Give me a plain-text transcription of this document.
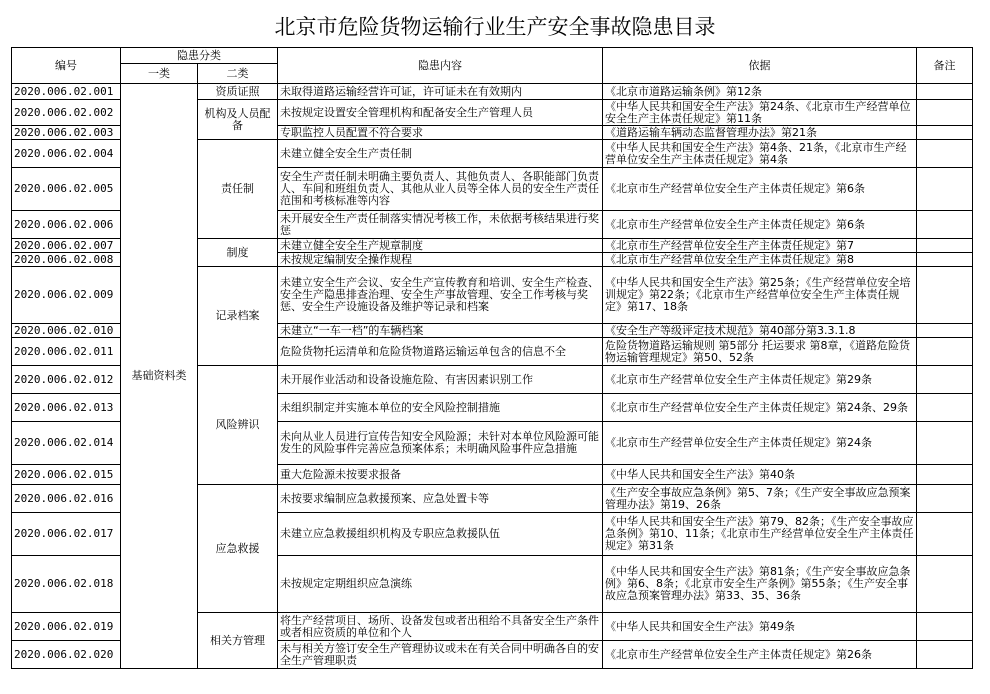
北京市危险货物运输行业生产安全事故隐患目录
编号	隐患分类		隐患内容	依据	备注
	一类	二类			
2020.006.02.001	基础资料类	资质证照	未取得道路运输经营许可证，许可证未在有效期内	《北京市道路运输条例》第12条	
2020.006.02.002		机构及人员配备	未按规定设置安全管理机构和配备安全生产管理人员	《中华人民共和国安全生产法》第24条、《北京市生产经营单位安全生产主体责任规定》第11条	
2020.006.02.003			专职监控人员配置不符合要求	《道路运输车辆动态监督管理办法》第21条	
2020.006.02.004		责任制	未建立健全安全生产责任制	《中华人民共和国安全生产法》第4条、21条，《北京市生产经营单位安全生产主体责任规定》第4条	
2020.006.02.005			安全生产责任制未明确主要负责人、其他负责人、各职能部门负责人、车间和班组负责人、其他从业人员等全体人员的安全生产责任范围和考核标准等内容	《北京市生产经营单位安全生产主体责任规定》第6条	
2020.006.02.006			未开展安全生产责任制落实情况考核工作，未依据考核结果进行奖惩	《北京市生产经营单位安全生产主体责任规定》第6条	
2020.006.02.007		制度	未建立健全安全生产规章制度	《北京市生产经营单位安全生产主体责任规定》第7	
2020.006.02.008			未按规定编制安全操作规程	《北京市生产经营单位安全生产主体责任规定》第8	
2020.006.02.009		记录档案	未建立安全生产会议、安全生产宣传教育和培训、安全生产检查、安全生产隐患排查治理、安全生产事故管理、安全工作考核与奖惩、安全生产设施设备及维护等记录和档案	《中华人民共和国安全生产法》第25条；《生产经营单位安全培训规定》第22条；《北京市生产经营单位安全生产主体责任规定》第17、18条	
2020.006.02.010			未建立“一车一档”的车辆档案	《安全生产等级评定技术规范》第40部分第3.3.1.8	
2020.006.02.011			危险货物托运清单和危险货物道路运输运单包含的信息不全	危险货物道路运输规则 第5部分 托运要求 第8章，《道路危险货物运输管理规定》第50、52条	
2020.006.02.012		风险辨识	未开展作业活动和设备设施危险、有害因素识别工作	《北京市生产经营单位安全生产主体责任规定》第29条	
2020.006.02.013			未组织制定并实施本单位的安全风险控制措施	《北京市生产经营单位安全生产主体责任规定》第24条、29条	
2020.006.02.014			未向从业人员进行宣传告知安全风险源；未针对本单位风险源可能发生的风险事件完善应急预案体系；未明确风险事件应急措施	《北京市生产经营单位安全生产主体责任规定》第24条	
2020.006.02.015			重大危险源未按要求报备	《中华人民共和国安全生产法》第40条	
2020.006.02.016		应急救援	未按要求编制应急救援预案、应急处置卡等	《生产安全事故应急条例》第5、7条；《生产安全事故应急预案管理办法》第19、26条	
2020.006.02.017			未建立应急救援组织机构及专职应急救援队伍	《中华人民共和国安全生产法》第79、82条；《生产安全事故应急条例》第10、11条；《北京市生产经营单位安全生产主体责任规定》第31条	
2020.006.02.018			未按规定定期组织应急演练	《中华人民共和国安全生产法》第81条；《生产安全事故应急条例》第6、8条；《北京市安全生产条例》第55条；《生产安全事故应急预案管理办法》第33、35、36条	
2020.006.02.019		相关方管理	将生产经营项目、场所、设备发包或者出租给不具备安全生产条件或者相应资质的单位和个人	《中华人民共和国安全生产法》第49条	
2020.006.02.020			未与相关方签订安全生产管理协议或未在有关合同中明确各自的安全生产管理职责	《北京市生产经营单位安全生产主体责任规定》第26条	
